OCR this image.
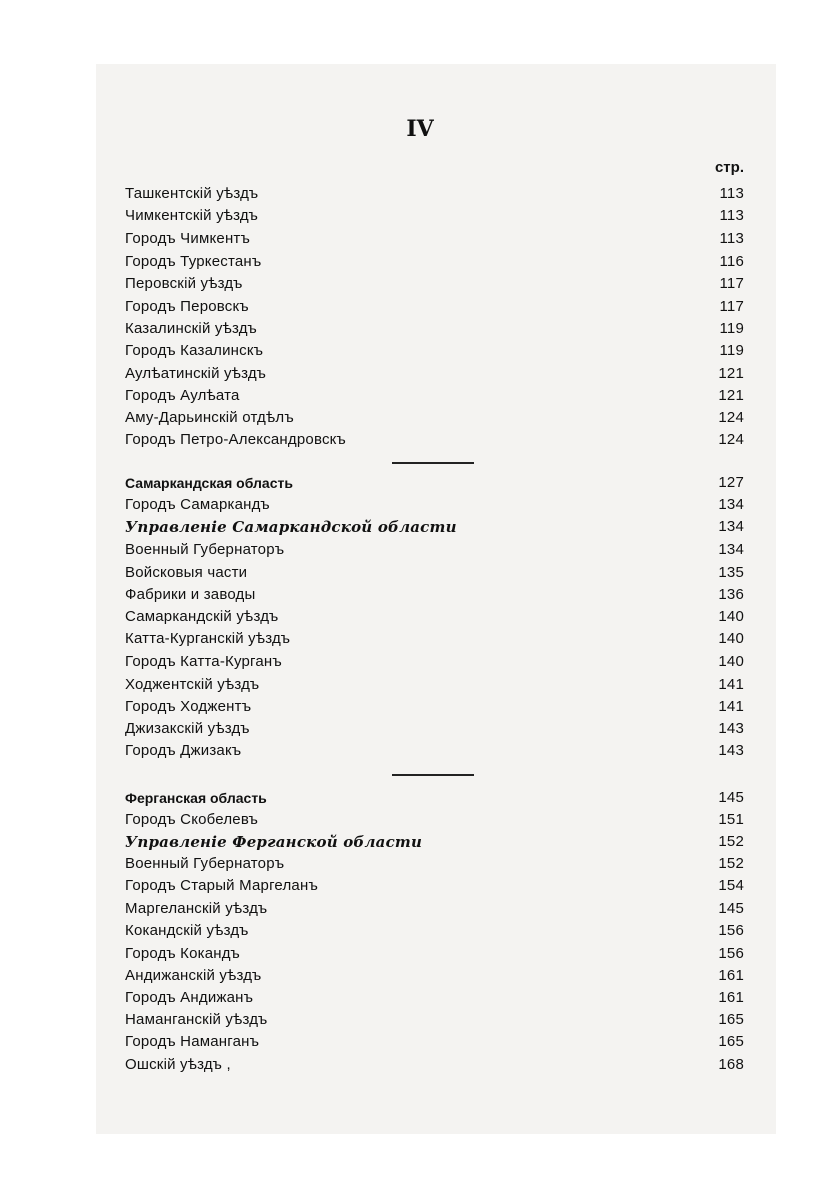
IV
стр.
Ташкентскій уѣздъ	113
Чимкентскій уѣздъ	113
Городъ Чимкентъ	113
Городъ Туркестанъ	116
Перовскій уѣздъ	117
Городъ Перовскъ	117
Казалинскій уѣздъ	119
Городъ Казалинскъ	119
Аулѣатинскій уѣздъ	121
Городъ Аулѣата	121
Аму-Дарьинскій отдѣлъ	124
Городъ Петро-Александровскъ	124
Самаркандская область	127
Городъ Самаркандъ	134
Управленіе Самаркандской области	134
Военный Губернаторъ	134
Войсковыя части	135
Фабрики и заводы	136
Самаркандскій уѣздъ	140
Катта-Курганскій уѣздъ	140
Городъ Катта-Курганъ	140
Ходжентскій уѣздъ	141
Городъ Ходжентъ	141
Джизакскій уѣздъ	143
Городъ Джизакъ	143
Ферганская область	145
Городъ Скобелевъ	151
Управленіе Ферганской области	152
Военный Губернаторъ	152
Городъ Старый Маргеланъ	154
Маргеланскій уѣздъ	145
Кокандскій уѣздъ	156
Городъ Кокандъ	156
Андижанскій уѣздъ	161
Городъ Андижанъ	161
Наманганскій уѣздъ	165
Городъ Наманганъ	165
Ошскій уѣздъ ,	168
